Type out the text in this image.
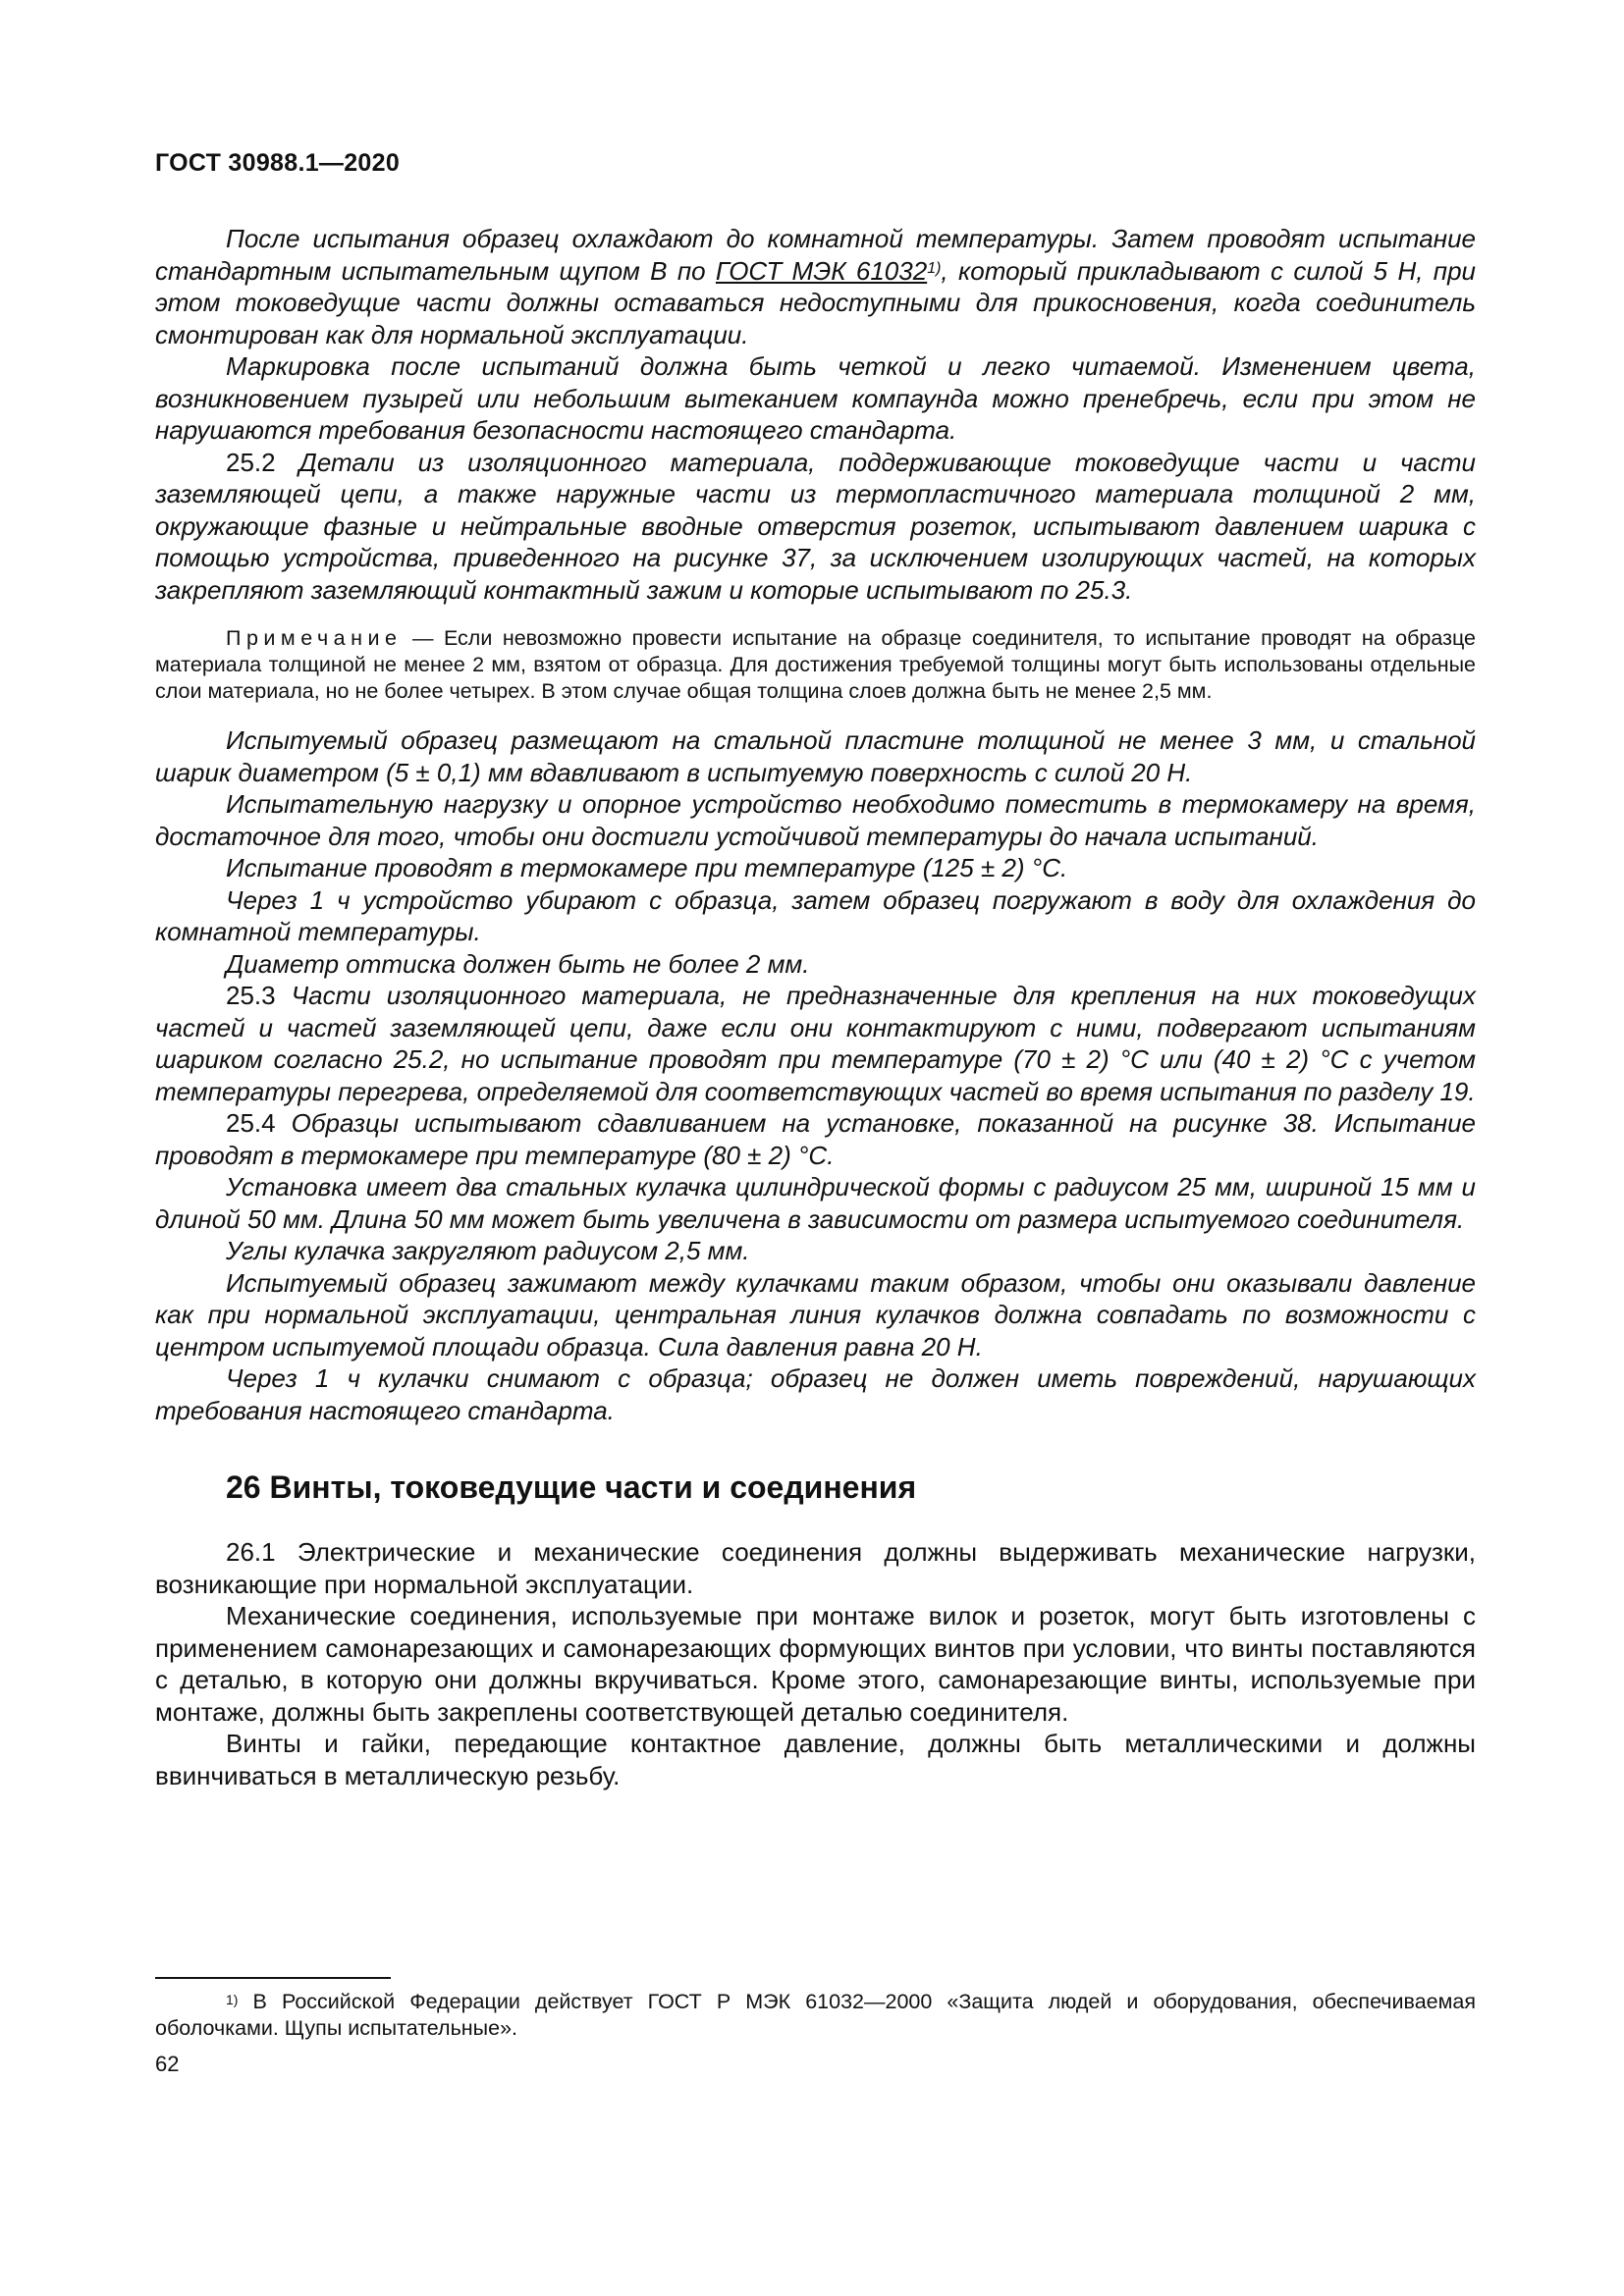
ГОСТ 30988.1—2020

После испытания образец охлаждают до комнатной температуры. Затем проводят испытание стандартным испытательным щупом В по ГОСТ МЭК 61032$^{1)}$, который прикладывают с силой 5 Н, при этом токоведущие части должны оставаться недоступными для прикосновения, когда соединитель смонтирован как для нормальной эксплуатации.

Маркировка после испытаний должна быть четкой и легко читаемой. Изменением цвета, возникновением пузырей или небольшим вытеканием компаунда можно пренебречь, если при этом не нарушаются требования безопасности настоящего стандарта.

25.2 Детали из изоляционного материала, поддерживающие токоведущие части и части заземляющей цепи, а также наружные части из термопластичного материала толщиной 2 мм, окружающие фазные и нейтральные вводные отверстия розеток, испытывают давлением шарика с помощью устройства, приведенного на рисунке 37, за исключением изолирующих частей, на которых закрепляют заземляющий контактный зажим и которые испытывают по 25.3.

Примечание — Если невозможно провести испытание на образце соединителя, то испытание проводят на образце материала толщиной не менее 2 мм, взятом от образца. Для достижения требуемой толщины могут быть использованы отдельные слои материала, но не более четырех. В этом случае общая толщина слоев должна быть не менее 2,5 мм.

Испытуемый образец размещают на стальной пластине толщиной не менее 3 мм, и стальной шарик диаметром (5 ± 0,1) мм вдавливают в испытуемую поверхность с силой 20 Н.

Испытательную нагрузку и опорное устройство необходимо поместить в термокамеру на время, достаточное для того, чтобы они достигли устойчивой температуры до начала испытаний.

Испытание проводят в термокамере при температуре (125 ± 2) °С.

Через 1 ч устройство убирают с образца, затем образец погружают в воду для охлаждения до комнатной температуры.

Диаметр оттиска должен быть не более 2 мм.

25.3 Части изоляционного материала, не предназначенные для крепления на них токоведущих частей и частей заземляющей цепи, даже если они контактируют с ними, подвергают испытаниям шариком согласно 25.2, но испытание проводят при температуре (70 ± 2) °С или (40 ± 2) °С с учетом температуры перегрева, определяемой для соответствующих частей во время испытания по разделу 19.

25.4 Образцы испытывают сдавливанием на установке, показанной на рисунке 38. Испытание проводят в термокамере при температуре (80 ± 2) °С.

Установка имеет два стальных кулачка цилиндрической формы с радиусом 25 мм, шириной 15 мм и длиной 50 мм. Длина 50 мм может быть увеличена в зависимости от размера испытуемого соединителя.

Углы кулачка закругляют радиусом 2,5 мм.

Испытуемый образец зажимают между кулачками таким образом, чтобы они оказывали давление как при нормальной эксплуатации, центральная линия кулачков должна совпадать по возможности с центром испытуемой площади образца. Сила давления равна 20 Н.

Через 1 ч кулачки снимают с образца; образец не должен иметь повреждений, нарушающих требования настоящего стандарта.

26 Винты, токоведущие части и соединения

26.1 Электрические и механические соединения должны выдерживать механические нагрузки, возникающие при нормальной эксплуатации.

Механические соединения, используемые при монтаже вилок и розеток, могут быть изготовлены с применением самонарезающих и самонарезающих формующих винтов при условии, что винты поставляются с деталью, в которую они должны вкручиваться. Кроме этого, самонарезающие винты, используемые при монтаже, должны быть закреплены соответствующей деталью соединителя.

Винты и гайки, передающие контактное давление, должны быть металлическими и должны ввинчиваться в металлическую резьбу.

$^{1)}$ В Российской Федерации действует ГОСТ Р МЭК 61032—2000 «Защита людей и оборудования, обеспечиваемая оболочками. Щупы испытательные».

62
